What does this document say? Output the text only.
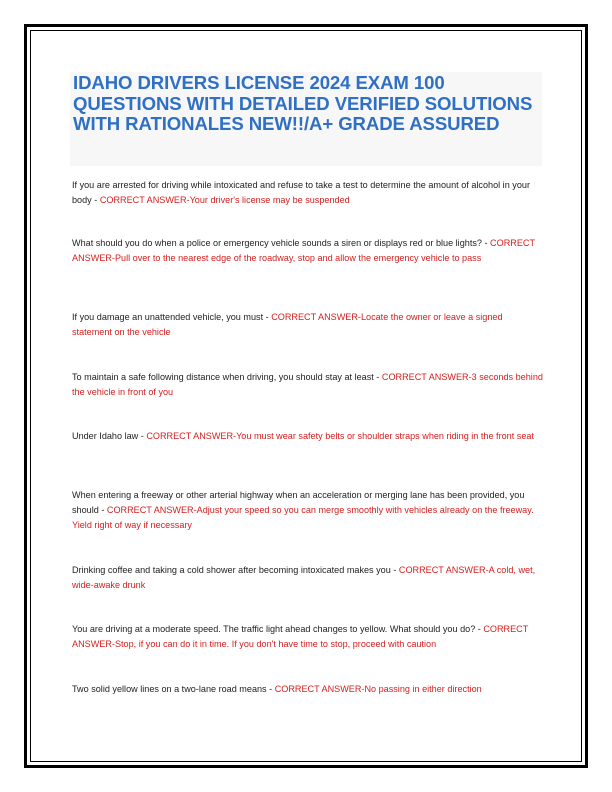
IDAHO DRIVERS LICENSE 2024 EXAM 100 QUESTIONS WITH DETAILED VERIFIED SOLUTIONS WITH RATIONALES NEW!!/A+ GRADE ASSURED

If you are arrested for driving while intoxicated and refuse to take a test to determine the amount of alcohol in your body - CORRECT ANSWER-Your driver's license may be suspended

What should you do when a police or emergency vehicle sounds a siren or displays red or blue lights? - CORRECT ANSWER-Pull over to the nearest edge of the roadway, stop and allow the emergency vehicle to pass

If you damage an unattended vehicle, you must - CORRECT ANSWER-Locate the owner or leave a signed statement on the vehicle

To maintain a safe following distance when driving, you should stay at least - CORRECT ANSWER-3 seconds behind the vehicle in front of you

Under Idaho law - CORRECT ANSWER-You must wear safety belts or shoulder straps when riding in the front seat

When entering a freeway or other arterial highway when an acceleration or merging lane has been provided, you should - CORRECT ANSWER-Adjust your speed so you can merge smoothly with vehicles already on the freeway. Yield right of way if necessary

Drinking coffee and taking a cold shower after becoming intoxicated makes you - CORRECT ANSWER-A cold, wet, wide-awake drunk

You are driving at a moderate speed. The traffic light ahead changes to yellow. What should you do? - CORRECT ANSWER-Stop, if you can do it in time. If you don't have time to stop, proceed with caution

Two solid yellow lines on a two-lane road means - CORRECT ANSWER-No passing in either direction
